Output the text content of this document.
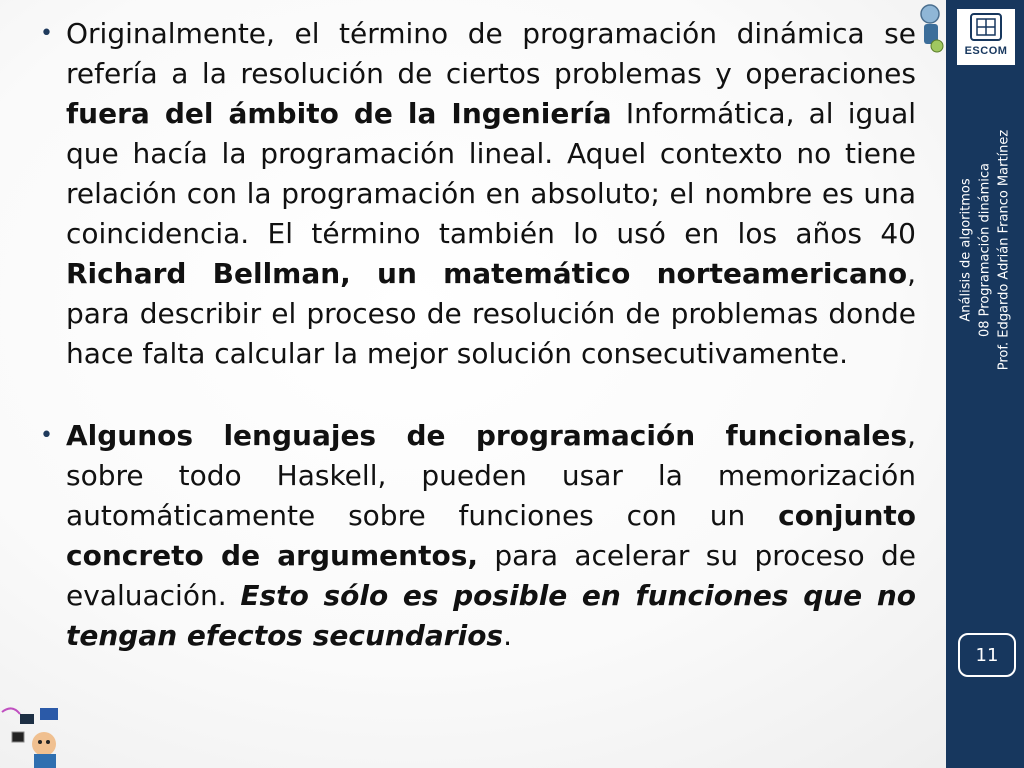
ESCOM
Análisis de algoritmos 08 Programación dinámica Prof. Edgardo Adrián Franco Martínez
11
• Originalmente, el término de programación dinámica se refería a la resolución de ciertos problemas y operaciones fuera del ámbito de la Ingeniería Informática, al igual que hacía la programación lineal. Aquel contexto no tiene relación con la programación en absoluto; el nombre es una coincidencia. El término también lo usó en los años 40 Richard Bellman, un matemático norteamericano, para describir el proceso de resolución de problemas donde hace falta calcular la mejor solución consecutivamente.
• Algunos lenguajes de programación funcionales, sobre todo Haskell, pueden usar la memorización automáticamente sobre funciones con un conjunto concreto de argumentos, para acelerar su proceso de evaluación. Esto sólo es posible en funciones que no tengan efectos secundarios.
